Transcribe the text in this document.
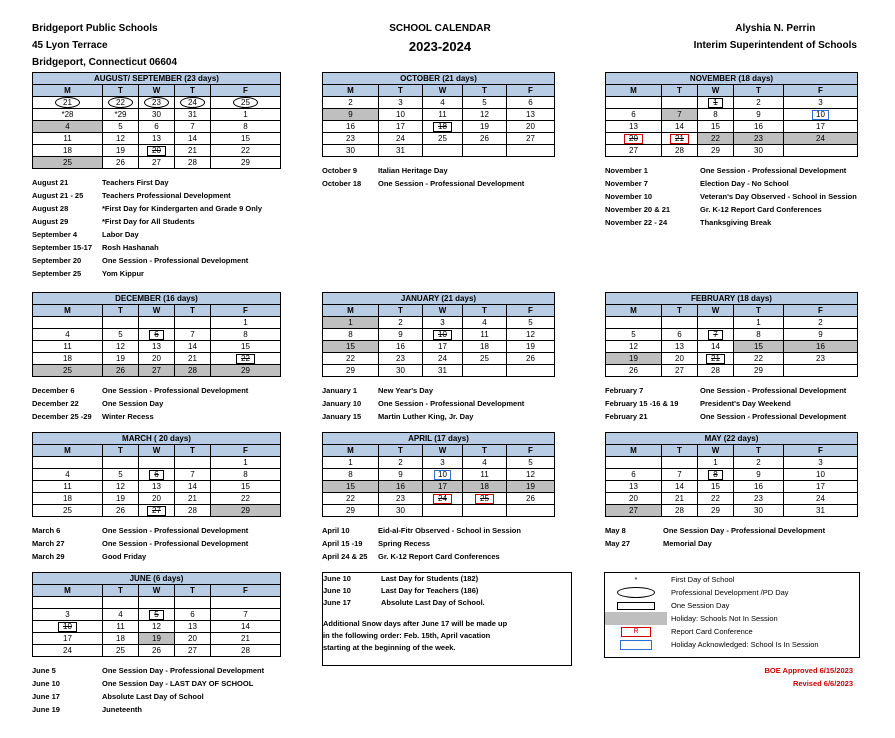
Bridgeport Public Schools
45 Lyon Terrace
Bridgeport, Connecticut 06604
SCHOOL CALENDAR
2023-2024
Alyshia N. Perrin
Interim Superintendent of Schools
AUGUST/ SEPTEMBER (23 days)				
M	T	W	T	F
21	22	23	24	25
*28	*29	30	31	1
4	5	6	7	8
11	12	13	14	15
18	19	20	21	22
25	26	27	28	29
August 21	Teachers First Day
August 21 - 25	Teachers Professional Development
August 28	*First Day for Kindergarten and Grade 9 Only
August 29	*First Day for All Students
September 4	Labor Day
September 15-17	Rosh Hashanah
September 20	One Session - Professional Development
September 25	Yom Kippur
OCTOBER (21 days)				
M	T	W	T	F
2	3	4	5	6
9	10	11	12	13
16	17	18	19	20
23	24	25	26	27
30	31			
October 9	Italian Heritage Day
October 18	One Session - Professional Development
NOVEMBER (18 days)				
M	T	W	T	F
		1	2	3
6	7	8	9	10
13	14	15	16	17
20	21	22	23	24
27	28	29	30	
November 1	One Session - Professional Development
November 7	Election Day - No School
November 10	Veteran's Day Observed - School in Session
November 20 & 21	Gr. K-12 Report Card Conferences
November 22 - 24	Thanksgiving Break
DECEMBER (16 days)				
M	T	W	T	F
				1
4	5	6	7	8
11	12	13	14	15
18	19	20	21	22
25	26	27	28	29
December 6	One Session - Professional Development
December 22	One Session Day
December 25 -29	Winter Recess
JANUARY (21 days)				
M	T	W	T	F
1	2	3	4	5
8	9	10	11	12
15	16	17	18	19
22	23	24	25	26
29	30	31		
January 1	New Year's Day
January 10	One Session - Professional Development
January 15	Martin Luther King, Jr. Day
FEBRUARY (18 days)				
M	T	W	T	F
			1	2
5	6	7	8	9
12	13	14	15	16
19	20	21	22	23
26	27	28	29	
February 7	One Session - Professional Development
February 15 -16 & 19	President's Day Weekend
February 21	One Session - Professional Development
MARCH ( 20 days)				
M	T	W	T	F
				1
4	5	6	7	8
11	12	13	14	15
18	19	20	21	22
25	26	27	28	29
March 6	One Session - Professional Development
March 27	One Session - Professional Development
March 29	Good Friday
APRIL (17 days)				
M	T	W	T	F
1	2	3	4	5
8	9	10	11	12
15	16	17	18	19
22	23	24	25	26
29	30			
April 10	Eid-al-Fitr Observed - School in Session
April 15 -19	Spring Recess
April 24 & 25	Gr. K-12 Report Card Conferences
MAY (22 days)				
M	T	W	T	F
		1	2	3
6	7	8	9	10
13	14	15	16	17
20	21	22	23	24
27	28	29	30	31
May 8	One Session Day - Professional Development
May 27	Memorial Day
JUNE (6 days)				
M	T	W	T	F

3	4	5	6	7
10	11	12	13	14
17	18	19	20	21
24	25	26	27	28
June 5	One Session Day - Professional Development
June 10	One Session Day - LAST DAY OF SCHOOL
June 17	Absolute Last Day of School
June 19	Juneteenth
June 10	Last Day for Students (182)
June 10	Last Day for Teachers (186)
June 17	Absolute Last Day of School.
Additional Snow days after June 17 will be made up
in the following order: Feb. 15th, April vacation
starting at the beginning of the week.
*	First Day of School
Professional Development /PD Day
One Session Day
Holiday: Schools Not In Session
R	Report Card Conference
Holiday Acknowledged: School Is In Session
BOE Approved 6/15/2023
Revised 6/6/2023
